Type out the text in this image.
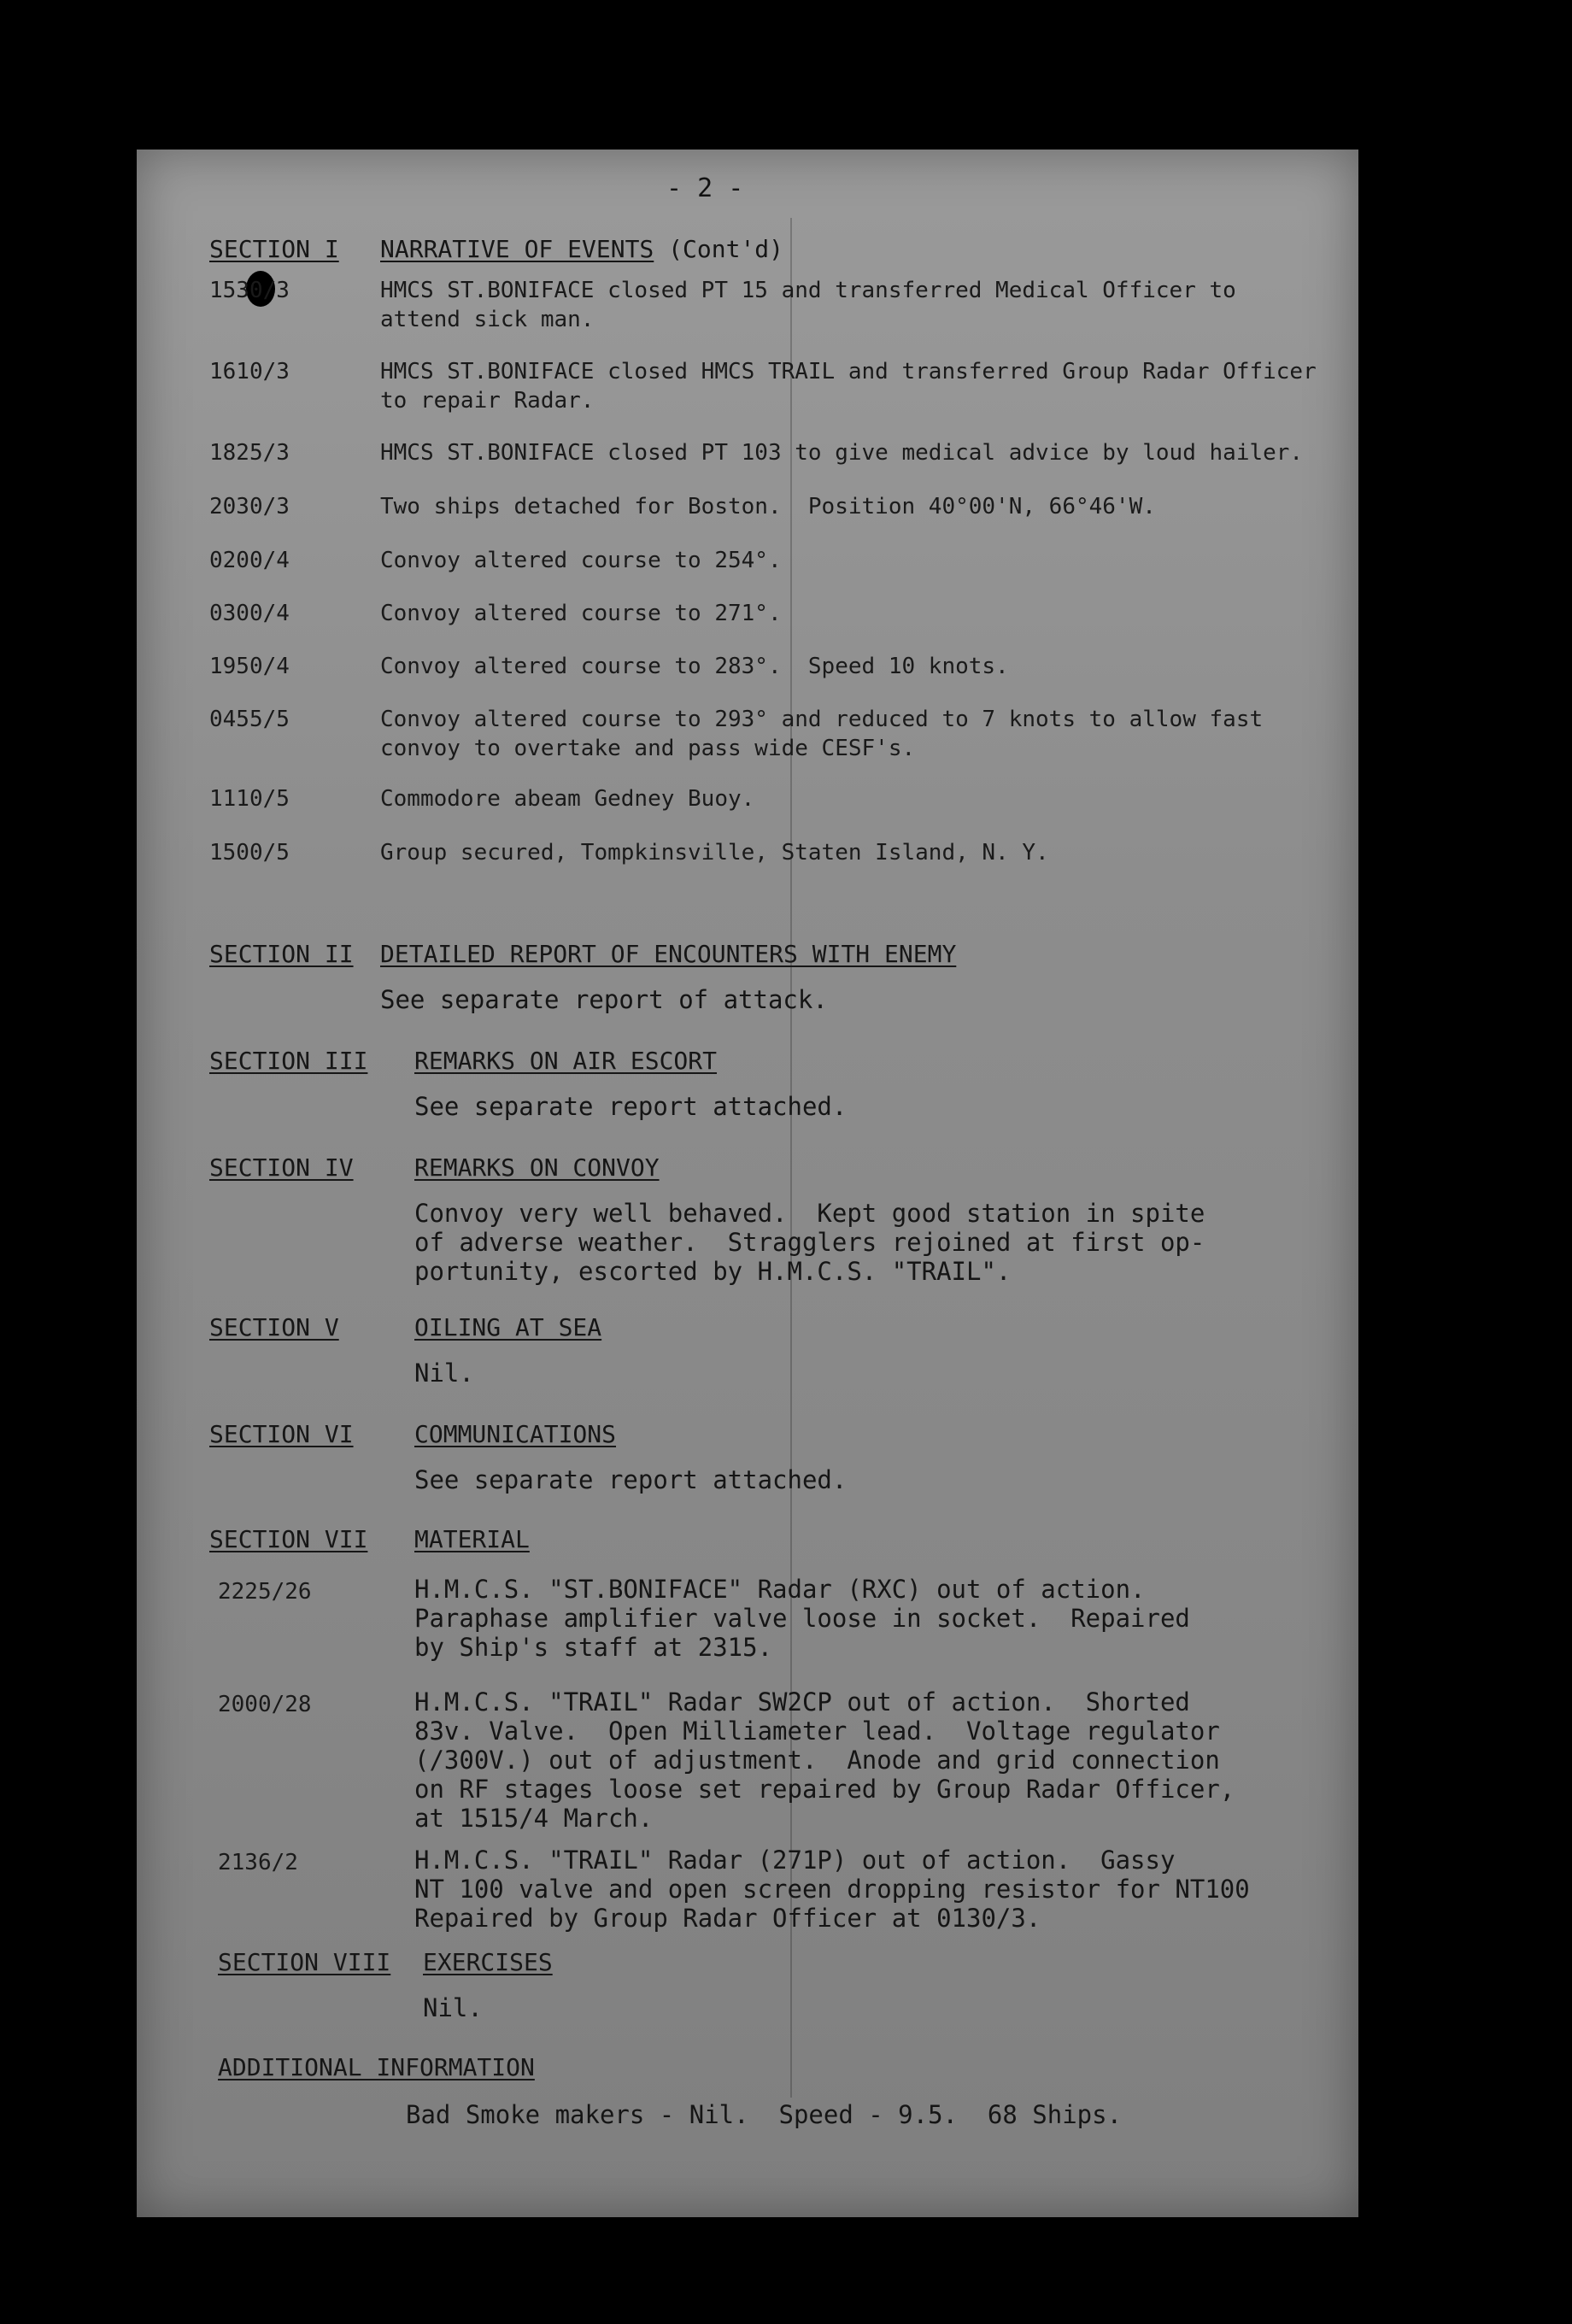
- 2 -
SECTION I NARRATIVE OF EVENTS (Cont'd)
1530/3	HMCS ST.BONIFACE closed PT 15 and transferred Medical Officer to
attend sick man.
1610/3	HMCS ST.BONIFACE closed HMCS TRAIL and transferred Group Radar Officer
to repair Radar.
1825/3	HMCS ST.BONIFACE closed PT 103 to give medical advice by loud hailer.
2030/3	Two ships detached for Boston.  Position 40°00'N, 66°46'W.
0200/4	Convoy altered course to 254°.
0300/4	Convoy altered course to 271°.
1950/4	Convoy altered course to 283°.  Speed 10 knots.
0455/5	Convoy altered course to 293° and reduced to 7 knots to allow fast
convoy to overtake and pass wide CESF's.
1110/5	Commodore abeam Gedney Buoy.
1500/5	Group secured, Tompkinsville, Staten Island, N. Y.
SECTION II DETAILED REPORT OF ENCOUNTERS WITH ENEMY
See separate report of attack.
SECTION III REMARKS ON AIR ESCORT
See separate report attached.
SECTION IV	REMARKS ON CONVOY
Convoy very well behaved.  Kept good station in spite
of adverse weather.  Stragglers rejoined at first op-
portunity, escorted by H.M.C.S. "TRAIL".
SECTION V	OILING AT SEA
Nil.
SECTION VI	COMMUNICATIONS
See separate report attached.
SECTION VII MATERIAL
2225/26	H.M.C.S. "ST.BONIFACE" Radar (RXC) out of action.
Paraphase amplifier valve loose in socket.  Repaired
by Ship's staff at 2315.
2000/28	H.M.C.S. "TRAIL" Radar SW2CP out of action.  Shorted
83v. Valve.  Open Milliameter lead.  Voltage regulator
(/300V.) out of adjustment.  Anode and grid connection
on RF stages loose set repaired by Group Radar Officer,
at 1515/4 March.
2136/2	H.M.C.S. "TRAIL" Radar (271P) out of action.  Gassy
NT 100 valve and open screen dropping resistor for NT100
Repaired by Group Radar Officer at 0130/3.
SECTION VIII EXERCISES
Nil.
ADDITIONAL INFORMATION
Bad Smoke makers - Nil.  Speed - 9.5.  68 Ships.
